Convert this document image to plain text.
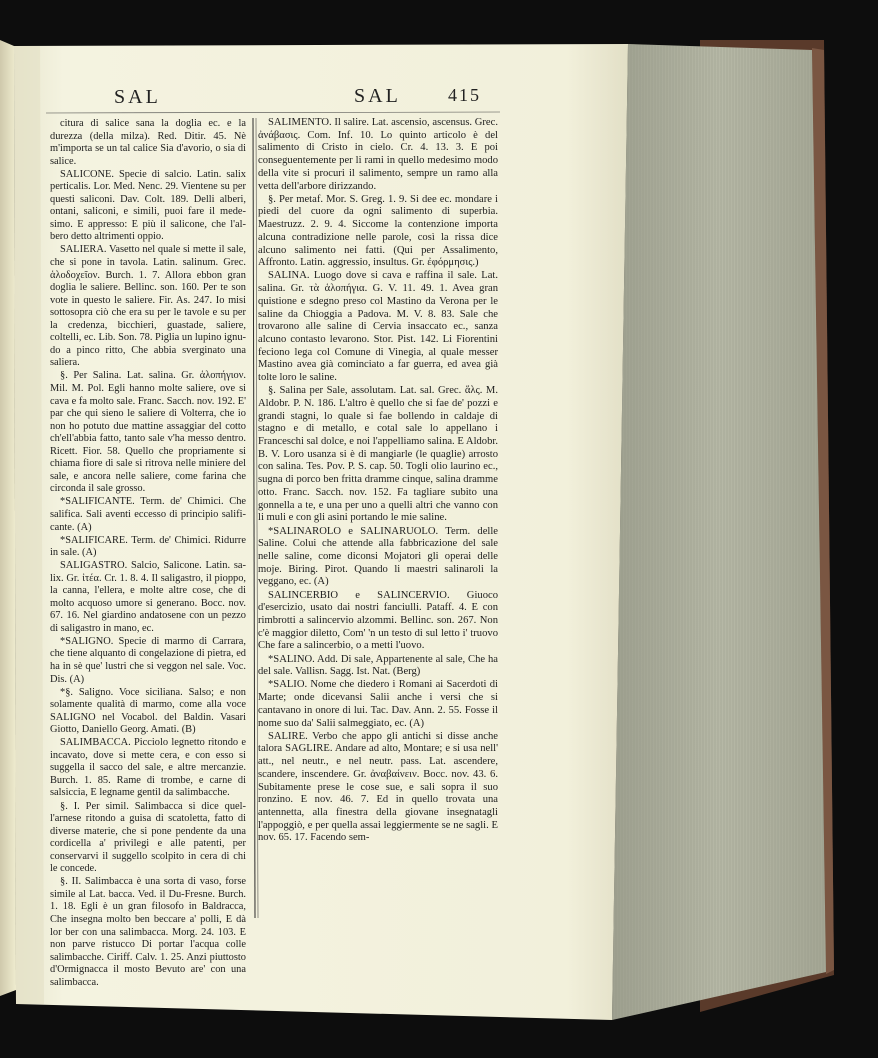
SAL	SAL	415

citura di salice sana la doglia ec. e la durezza (della milza). Red. Ditir. 45. Nè m'importa se un tal calice Sia d'avorio, o sia di salice.

SALICONE. Specie di salcio. Latin. salix perticalis. Lor. Med. Nenc. 29. Vientene su per questi saliconi. Dav. Colt. 189. Delli alberi, ontani, saliconi, e simili, puoi fare il medesimo. E appresso: E più il salicone, che l'albero detto altrimenti oppio.

SALIERA. Vasetto nel quale si mette il sale, che si pone in tavola. Latin. salinum. Grec. ἁλοδοχεῖον. Burch. 1. 7. Allora ebbon gran doglia le saliere. Bellinc. son. 160. Per te son vote in questo le saliere. Fir. As. 247. Io misi sottosopra ciò che era su per le tavole e su per la credenza, bicchieri, guastade, saliere, coltelli, ec. Lib. Son. 78. Piglia un lupino ignudo a pinco ritto, Che abbia sverginato una saliera.

§. Per Salina. Lat. salina. Gr. ἁλοπήγιον. Mil. M. Pol. Egli hanno molte saliere, ove si cava e fa molto sale. Franc. Sacch. nov. 192. E' par che qui sieno le saliere di Volterra, che io non ho potuto due mattine assaggiar del cotto ch'ell'abbia fatto, tanto sale v'ha messo dentro. Ricett. Fior. 58. Quello che propriamente si chiama fiore di sale si ritrova nelle miniere del sale, e ancora nelle saliere, come farina che circonda il sale grosso.

*SALIFICANTE. Term. de' Chimici. Che salifica. Sali aventi eccesso di principio salificante. (A)

*SALIFICARE. Term. de' Chimici. Ridurre in sale. (A)

SALIGASTRO. Salcio, Salicone. Latin. salix. Gr. ἰτέα. Cr. 1. 8. 4. Il saligastro, il pioppo, la canna, l'ellera, e molte altre cose, che di molto acquoso umore si generano. Bocc. nov. 67. 16. Nel giardino andatosene con un pezzo di saligastro in mano, ec.

*SALIGNO. Specie di marmo di Carrara, che tiene alquanto di congelazione di pietra, ed ha in sè que' lustri che si veggon nel sale. Voc. Dis. (A)

*§. Saligno. Voce siciliana. Salso; e non solamente qualità di marmo, come alla voce SALIGNO nel Vocabol. del Baldin. Vasari Giotto, Daniello Georg. Amati. (B)

SALIMBACCA. Picciolo legnetto ritondo e incavato, dove si mette cera, e con esso si suggella il sacco del sale, e altre mercanzie. Burch. 1. 85. Rame di trombe, e carne di salsiccia, E legname gentil da salimbacche.

§. I. Per simil. Salimbacca si dice quell'arnese ritondo a guisa di scatoletta, fatto di diverse materie, che si pone pendente da una cordicella a' privilegi e alle patenti, per conservarvi il suggello scolpito in cera di chi le concede.

§. II. Salimbacca è una sorta di vaso, forse simile al Lat. bacca. Ved. il Du-Fresne. Burch. 1. 18. Egli è un gran filosofo in Baldracca, Che insegna molto ben beccare a' polli, E dà lor ber con una salimbacca. Morg. 24. 103. E non parve ristucco Di portar l'acqua colle salimbacche. Ciriff. Calv. 1. 25. Anzi piuttosto d'Ormignacca il mosto Bevuto are' con una salimbacca.

SALIMENTO. Il salire. Lat. ascensio, ascensus. Grec. ἀνάβασις. Com. Inf. 10. Lo quinto articolo è del salimento di Cristo in cielo. Cr. 4. 13. 3. E poi conseguentemente per li rami in quello medesimo modo della vite si procuri il salimento, sempre un ramo alla vetta dell'arbore dirizzando.

§. Per metaf. Mor. S. Greg. 1. 9. Si dee ec. mondare i piedi del cuore da ogni salimento di superbia. Maestruzz. 2. 9. 4. Siccome la contenzione importa alcuna contradizione nelle parole, così la rissa dice alcuno salimento nei fatti. (Qui per Assalimento, Affronto. Latin. aggressio, insultus. Gr. ἐφόρμησις.)

SALINA. Luogo dove si cava e raffina il sale. Lat. salina. Gr. τὰ ἁλοπήγια. G. V. 11. 49. 1. Avea gran quistione e sdegno preso col Mastino da Verona per le saline da Chioggia a Padova. M. V. 8. 83. Sale che trovarono alle saline di Cervia insaccato ec., sanza alcuno contasto levarono. Stor. Pist. 142. Li Fiorentini feciono lega col Comune di Vinegia, al quale messer Mastino avea già cominciato a far guerra, ed avea già tolte loro le saline.

§. Salina per Sale, assolutam. Lat. sal. Grec. ἅλς. M. Aldobr. P. N. 186. L'altro è quello che si fae de' pozzi e grandi stagni, lo quale si fae bollendo in caldaje di stagno e di metallo, e cotal sale lo appellano i Franceschi sal dolce, e noi l'appelliamo salina. E Aldobr. B. V. Loro usanza si è di mangiarle (le quaglie) arrosto con salina. Tes. Pov. P. S. cap. 50. Togli olio laurino ec., sugna di porco ben fritta dramme cinque, salina dramme otto. Franc. Sacch. nov. 152. Fa tagliare subito una gonnella a te, e una per uno a quelli altri che vanno con li muli e con gli asini portando le mie saline.

*SALINAROLO e SALINARUOLO. Term. delle Saline. Colui che attende alla fabbricazione del sale nelle saline, come diconsi Mojatori gli operai delle moje. Biring. Pirot. Quando li maestri salinaroli la veggano, ec. (A)

SALINCERBIO e SALINCERVIO. Giuoco d'esercizio, usato dai nostri fanciulli. Pataff. 4. E con rimbrotti a salincervio alzommi. Bellinc. son. 267. Non c'è maggior diletto, Com' 'n un testo di sul letto i' truovo Che fare a salincerbio, o a metti l'uovo.

*SALINO. Add. Di sale, Appartenente al sale, Che ha del sale. Vallisn. Sagg. Ist. Nat. (Berg)

*SALIO. Nome che diedero i Romani ai Sacerdoti di Marte; onde dicevansi Salii anche i versi che si cantavano in onore di lui. Tac. Dav. Ann. 2. 55. Fosse il nome suo da' Salii salmeggiato, ec. (A)

SALIRE. Verbo che appo gli antichi si disse anche talora SAGLIRE. Andare ad alto, Montare; e si usa nell' att., nel neutr., e nel neutr. pass. Lat. ascendere, scandere, inscendere. Gr. ἀναβαίνειν. Bocc. nov. 43. 6. Subitamente prese le cose sue, e sali sopra il suo ronzino. E nov. 46. 7. Ed in quello trovata una antennetta, alla finestra della giovane insegnatagli l'appoggiò, e per quella assai leggiermente se ne sagli. E nov. 65. 17. Facendo sem-
